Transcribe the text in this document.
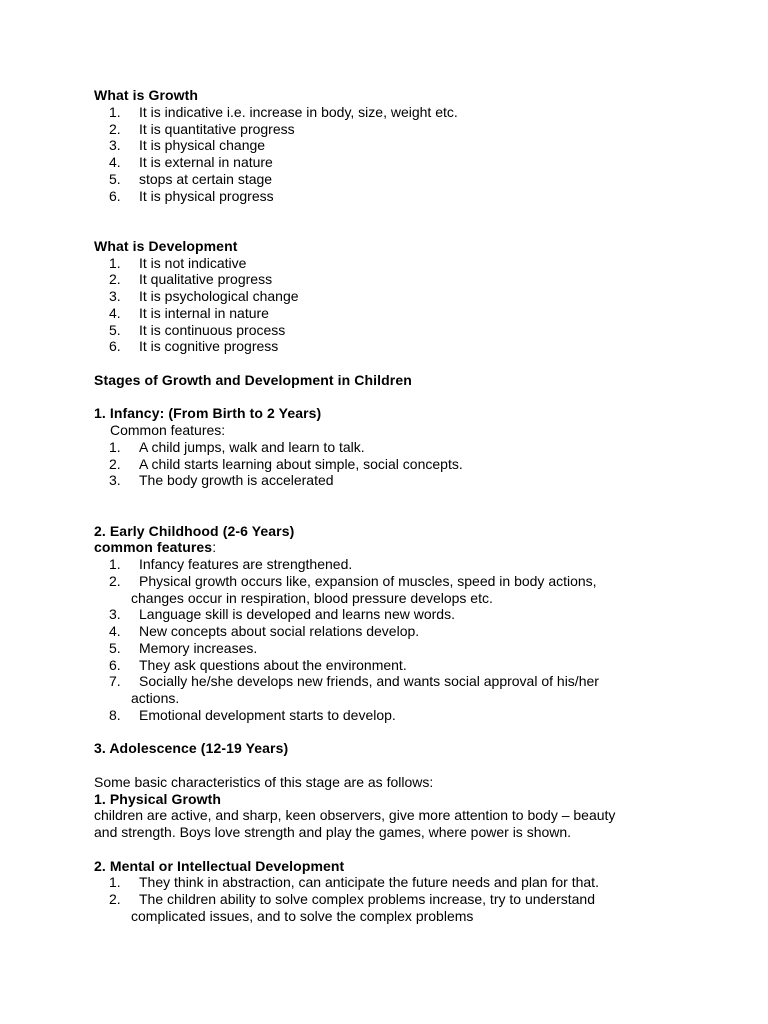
What is Growth
1. It is indicative i.e. increase in body, size, weight etc.
2. It is quantitative progress
3. It is physical change
4. It is external in nature
5. stops at certain stage
6. It is physical progress
What is Development
1. It is not indicative
2. It qualitative progress
3. It is psychological change
4. It is internal in nature
5. It is continuous process
6. It is cognitive progress
Stages of Growth and Development in Children
1. Infancy: (From Birth to 2 Years)
Common features:
1. A child jumps, walk and learn to talk.
2. A child starts learning about simple, social concepts.
3. The body growth is accelerated
2. Early Childhood (2-6 Years)
common features:
1. Infancy features are strengthened.
2. Physical growth occurs like, expansion of muscles, speed in body actions,
changes occur in respiration, blood pressure develops etc.
3. Language skill is developed and learns new words.
4. New concepts about social relations develop.
5. Memory increases.
6. They ask questions about the environment.
7. Socially he/she develops new friends, and wants social approval of his/her
actions.
8. Emotional development starts to develop.
3. Adolescence (12-19 Years)
Some basic characteristics of this stage are as follows:
1. Physical Growth
children are active, and sharp, keen observers, give more attention to body – beauty
and strength. Boys love strength and play the games, where power is shown.
2. Mental or Intellectual Development
1. They think in abstraction, can anticipate the future needs and plan for that.
2. The children ability to solve complex problems increase, try to understand
complicated issues, and to solve the complex problems
